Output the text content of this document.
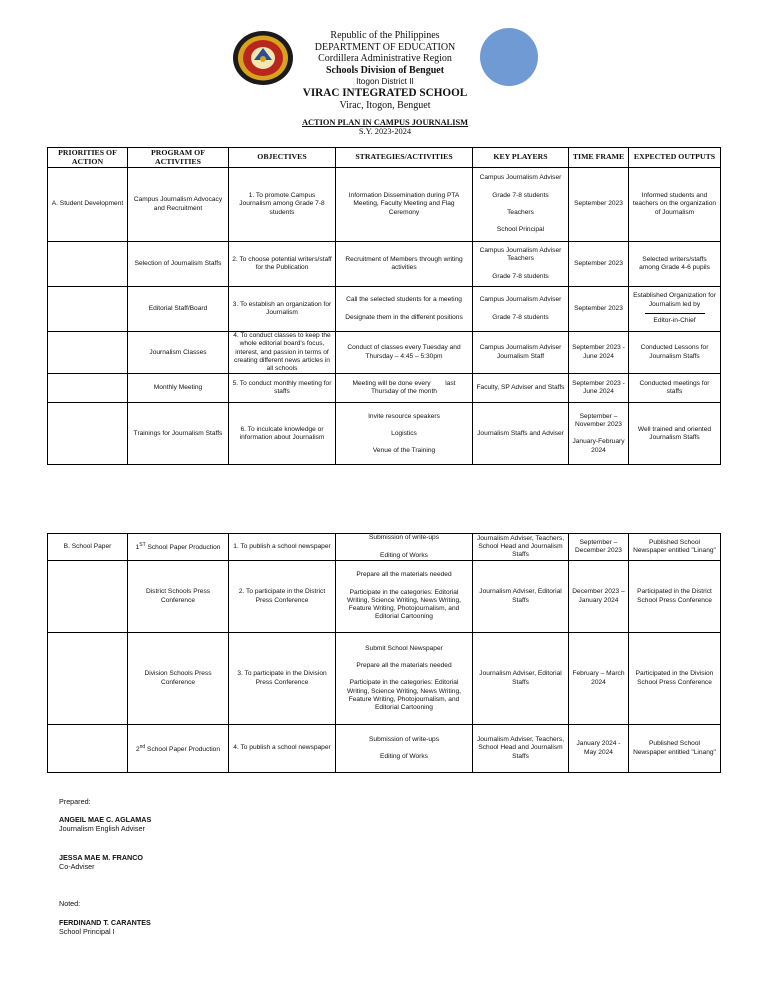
Republic of the Philippines
DEPARTMENT OF EDUCATION
Cordillera Administrative Region
Schools Division of Benguet
Itogon District II
VIRAC INTEGRATED SCHOOL
Virac, Itogon, Benguet
ACTION PLAN IN CAMPUS JOURNALISM
S.Y. 2023-2024
PRIORITIES OF ACTION	PROGRAM OF ACTIVITIES	OBJECTIVES	STRATEGIES/ACTIVITIES	KEY PLAYERS	TIME FRAME	EXPECTED OUTPUTS
A. Student Development	Campus Journalism Advocacy and Recruitment	1. To promote Campus Journalism among Grade 7-8 students	Information Dissemination during PTA Meeting, Faculty Meeting and Flag Ceremony	Campus Journalism Adviser
Grade 7-8 students
Teachers
School Principal	September 2023	Informed students and teachers on the organization of Journalism
	Selection of Journalism Staffs	2. To choose potential writers/staff for the Publication	Recruitment of Members through writing activities	Campus Journalism Adviser
Teachers
Grade 7-8 students	September 2023	Selected writers/staffs among Grade 4-6 pupils
	Editorial Staff/Board	3. To establish an organization for Journalism	Call the selected students for a meeting
Designate them in the different positions	Campus Journalism Adviser
Grade 7-8 students	September 2023	Established Organization for Journalism led by
Editor-in-Chief

	Journalism Classes	4. To conduct classes to keep the whole editorial board's focus, interest, and passion in terms of creating different news articles in all schools	Conduct of classes every Tuesday and Thursday – 4:45 – 5:30pm	Campus Journalism Adviser
Journalism Staff	September 2023 - June 2024	Conducted Lessons for Journalism Staffs
	Monthly Meeting	5. To conduct monthly meeting for staffs	Meeting will be done every        last Thursday of the month	Faculty, SP Adviser and Staffs	September 2023 - June 2024	Conducted meetings for staffs
	Trainings for Journalism Staffs	6. To inculcate knowledge or information about Journalism	Invite resource speakers
Logistics
Venue of the Training	Journalism Staffs and Adviser	September – November 2023
January-February 2024	Well trained and oriented Journalism Staffs
B. School Paper	1ST School Paper Production	1. To publish a school newspaper	Submission of write-ups
Editing of Works	Journalism Adviser, Teachers, School Head and Journalism Staffs	September – December 2023	Published School Newspaper entitled "Linang"
	District Schools Press Conference	2. To participate in the District Press Conference	Prepare all the materials needed
Participate in the categories: Editorial Writing, Science Writing, News Writing, Feature Writing, Photojournalism, and Editorial Cartooning	Journalism Adviser, Editorial Staffs	December 2023 – January 2024	Participated in the District School Press Conference
	Division Schools Press Conference	3. To participate in the Division Press Conference	Submit School Newspaper
Prepare all the materials needed
Participate in the categories: Editorial Writing, Science Writing, News Writing, Feature Writing, Photojournalism, and Editorial Cartooning	Journalism Adviser, Editorial Staffs	February – March 2024	Participated in the Division School Press Conference
	2nd School Paper Production	4. To publish a school newspaper	Submission of write-ups
Editing of Works	Journalism Adviser, Teachers, School Head and Journalism Staffs	January 2024 - May 2024	Published School Newspaper entitled "Linang"
Prepared:
ANGEIL MAE C. AGLAMAS
Journalism English Adviser
JESSA MAE M. FRANCO
Co-Adviser
Noted:
FERDINAND T. CARANTES
School Principal I
